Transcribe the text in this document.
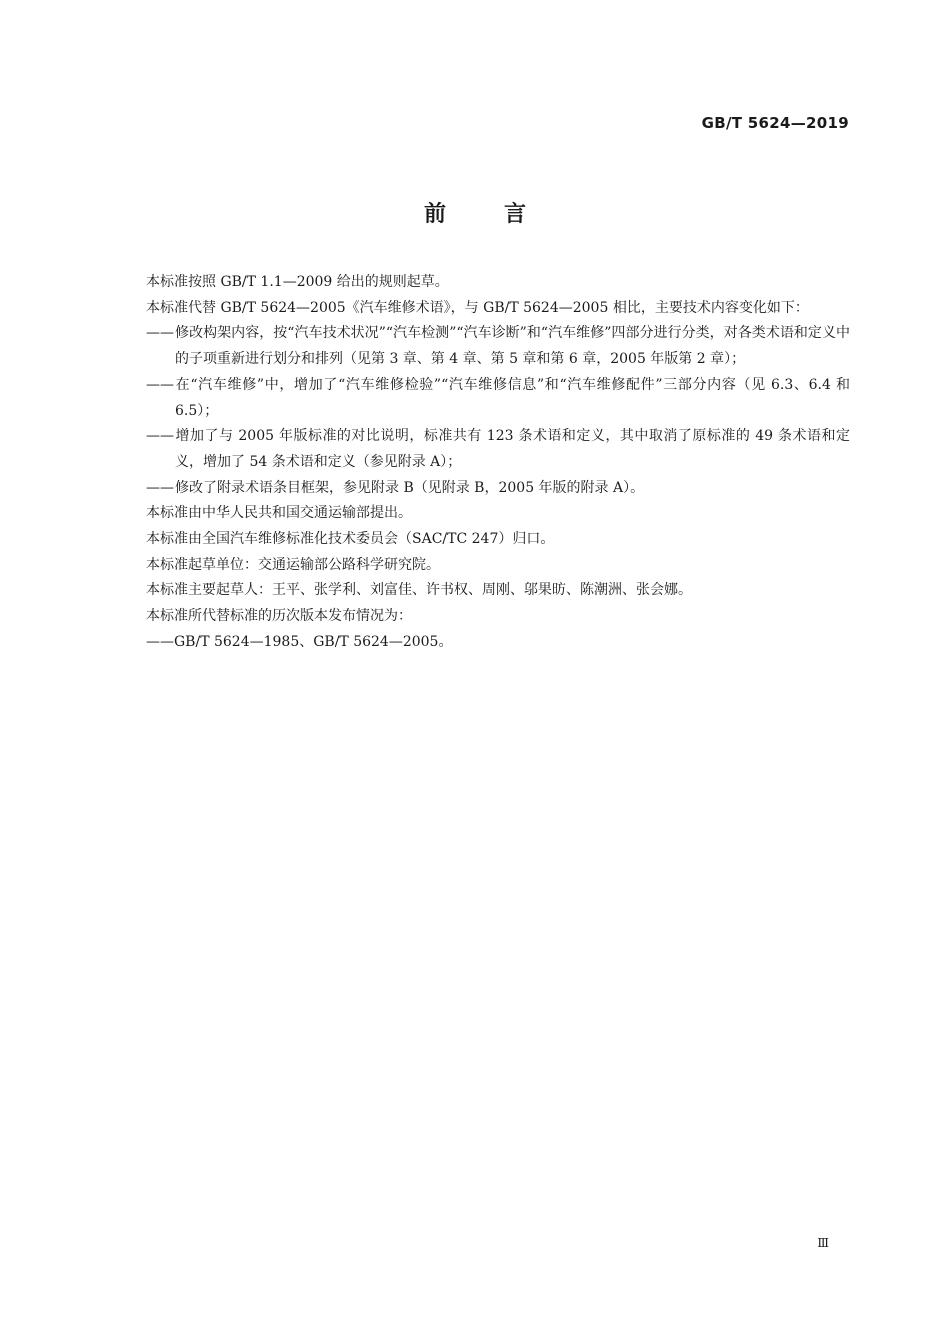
GB/T 5624—2019
前	言

本标准按照 GB/T 1.1—2009 给出的规则起草。

本标准代替 GB/T 5624—2005《汽车维修术语》，与 GB/T 5624—2005 相比，主要技术内容变化如下：

——修改构架内容，按“汽车技术状况”“汽车检测”“汽车诊断”和“汽车维修”四部分进行分类，对各类术语和定义中的子项重新进行划分和排列（见第 3 章、第 4 章、第 5 章和第 6 章，2005 年版第 2 章）；

——在“汽车维修”中，增加了“汽车维修检验”“汽车维修信息”和“汽车维修配件”三部分内容（见 6.3、6.4 和 6.5）；

——增加了与 2005 年版标准的对比说明，标准共有 123 条术语和定义，其中取消了原标准的 49 条术语和定义，增加了 54 条术语和定义（参见附录 A）；

——修改了附录术语条目框架，参见附录 B（见附录 B，2005 年版的附录 A）。

本标准由中华人民共和国交通运输部提出。

本标准由全国汽车维修标准化技术委员会（SAC/TC 247）归口。

本标准起草单位：交通运输部公路科学研究院。

本标准主要起草人：王平、张学利、刘富佳、许书权、周刚、邬果昉、陈潮洲、张会娜。

本标准所代替标准的历次版本发布情况为：

——GB/T 5624—1985、GB/T 5624—2005。

Ⅲ
